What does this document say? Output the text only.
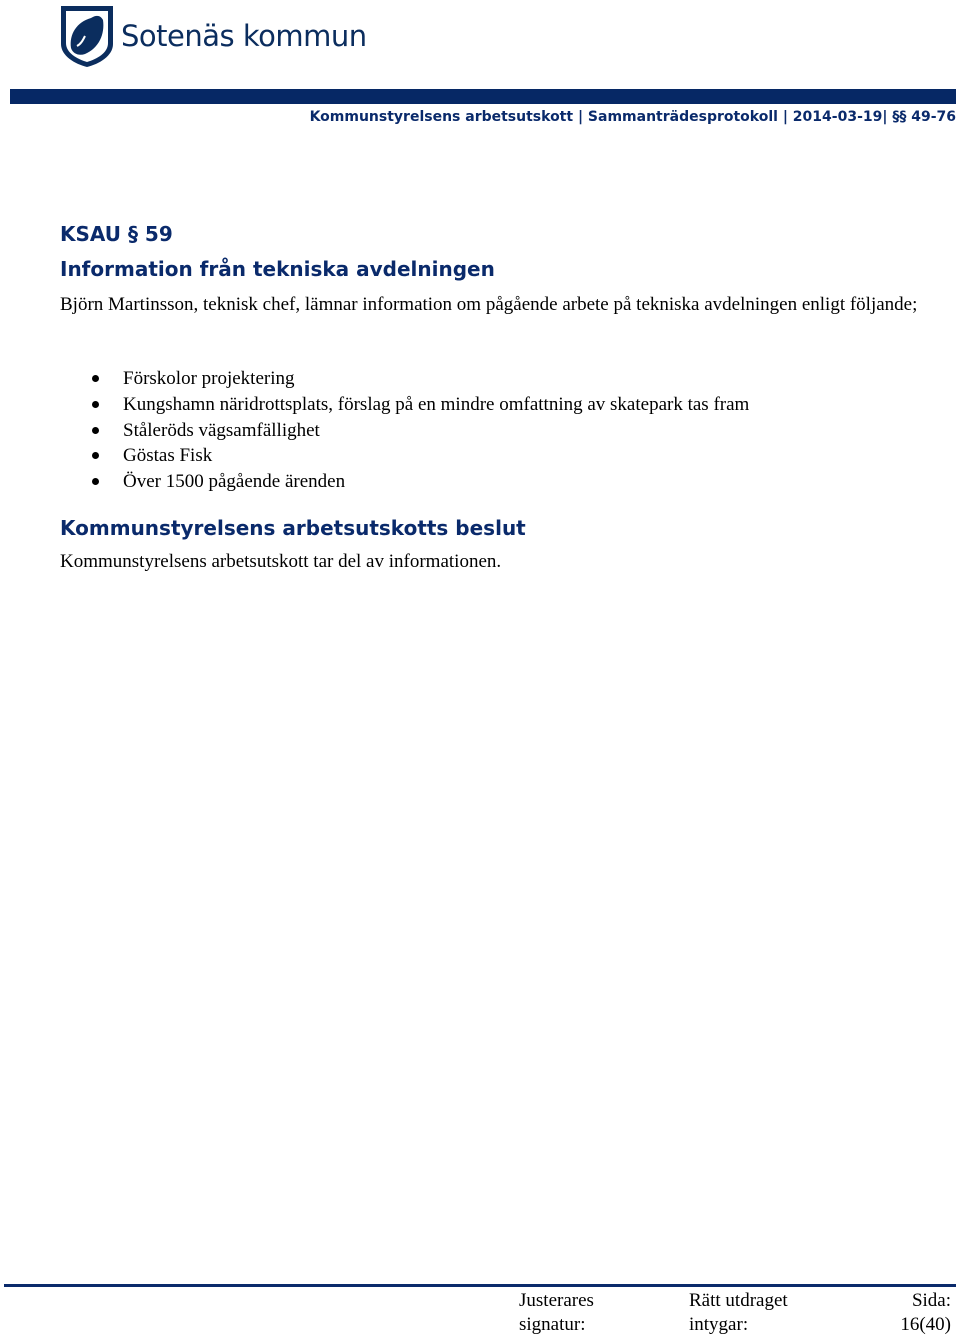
Sotenäs kommun
Kommunstyrelsens arbetsutskott | Sammanträdesprotokoll | 2014-03-19| §§ 49-76
KSAU § 59
Information från tekniska avdelningen
Björn Martinsson, teknisk chef, lämnar information om pågående arbete på tekniska avdelningen enligt följande;
Förskolor projektering
Kungshamn näridrottsplats, förslag på en mindre omfattning av skatepark tas fram
Ståleröds vägsamfällighet
Göstas Fisk
Över 1500 pågående ärenden
Kommunstyrelsens arbetsutskotts beslut
Kommunstyrelsens arbetsutskott tar del av informationen.
Justerares
signatur:
Rätt utdraget
intygar:
Sida:
16(40)
